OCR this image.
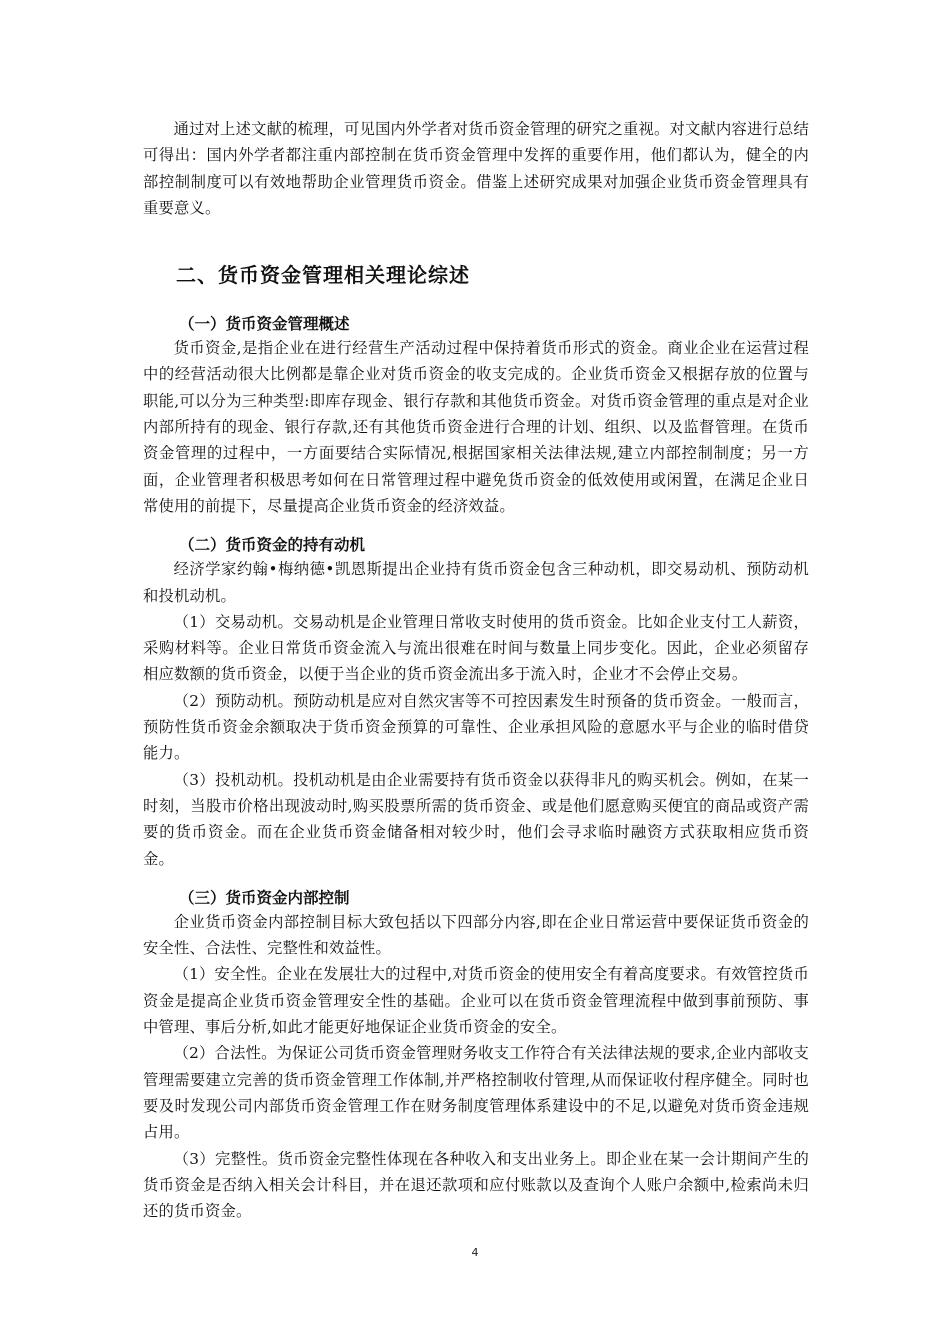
通过对上述文献的梳理，可见国内外学者对货币资金管理的研究之重视。对文献内容进行总结可得出：国内外学者都注重内部控制在货币资金管理中发挥的重要作用，他们都认为，健全的内部控制制度可以有效地帮助企业管理货币资金。借鉴上述研究成果对加强企业货币资金管理具有重要意义。

二、货币资金管理相关理论综述
（一）货币资金管理概述

货币资金,是指企业在进行经营生产活动过程中保持着货币形式的资金。商业企业在运营过程中的经营活动很大比例都是靠企业对货币资金的收支完成的。企业货币资金又根据存放的位置与职能,可以分为三种类型:即库存现金、银行存款和其他货币资金。对货币资金管理的重点是对企业内部所持有的现金、银行存款,还有其他货币资金进行合理的计划、组织、以及监督管理。在货币资金管理的过程中，一方面要结合实际情况,根据国家相关法律法规,建立内部控制制度；另一方面，企业管理者积极思考如何在日常管理过程中避免货币资金的低效使用或闲置，在满足企业日常使用的前提下，尽量提高企业货币资金的经济效益。

（二）货币资金的持有动机

经济学家约翰•梅纳德•凯恩斯提出企业持有货币资金包含三种动机，即交易动机、预防动机和投机动机。

（1）交易动机。交易动机是企业管理日常收支时使用的货币资金。比如企业支付工人薪资，采购材料等。企业日常货币资金流入与流出很难在时间与数量上同步变化。因此，企业必须留存相应数额的货币资金，以便于当企业的货币资金流出多于流入时，企业才不会停止交易。

（2）预防动机。预防动机是应对自然灾害等不可控因素发生时预备的货币资金。一般而言，预防性货币资金余额取决于货币资金预算的可靠性、企业承担风险的意愿水平与企业的临时借贷能力。

（3）投机动机。投机动机是由企业需要持有货币资金以获得非凡的购买机会。例如，在某一时刻，当股市价格出现波动时,购买股票所需的货币资金、或是他们愿意购买便宜的商品或资产需要的货币资金。而在企业货币资金储备相对较少时，他们会寻求临时融资方式获取相应货币资金。

（三）货币资金内部控制

企业货币资金内部控制目标大致包括以下四部分内容,即在企业日常运营中要保证货币资金的安全性、合法性、完整性和效益性。

（1）安全性。企业在发展壮大的过程中,对货币资金的使用安全有着高度要求。有效管控货币资金是提高企业货币资金管理安全性的基础。企业可以在货币资金管理流程中做到事前预防、事中管理、事后分析,如此才能更好地保证企业货币资金的安全。

（2）合法性。为保证公司货币资金管理财务收支工作符合有关法律法规的要求,企业内部收支管理需要建立完善的货币资金管理工作体制,并严格控制收付管理,从而保证收付程序健全。同时也要及时发现公司内部货币资金管理工作在财务制度管理体系建设中的不足,以避免对货币资金违规占用。

（3）完整性。货币资金完整性体现在各种收入和支出业务上。即企业在某一会计期间产生的货币资金是否纳入相关会计科目，并在退还款项和应付账款以及查询个人账户余额中,检索尚未归还的货币资金。

4
